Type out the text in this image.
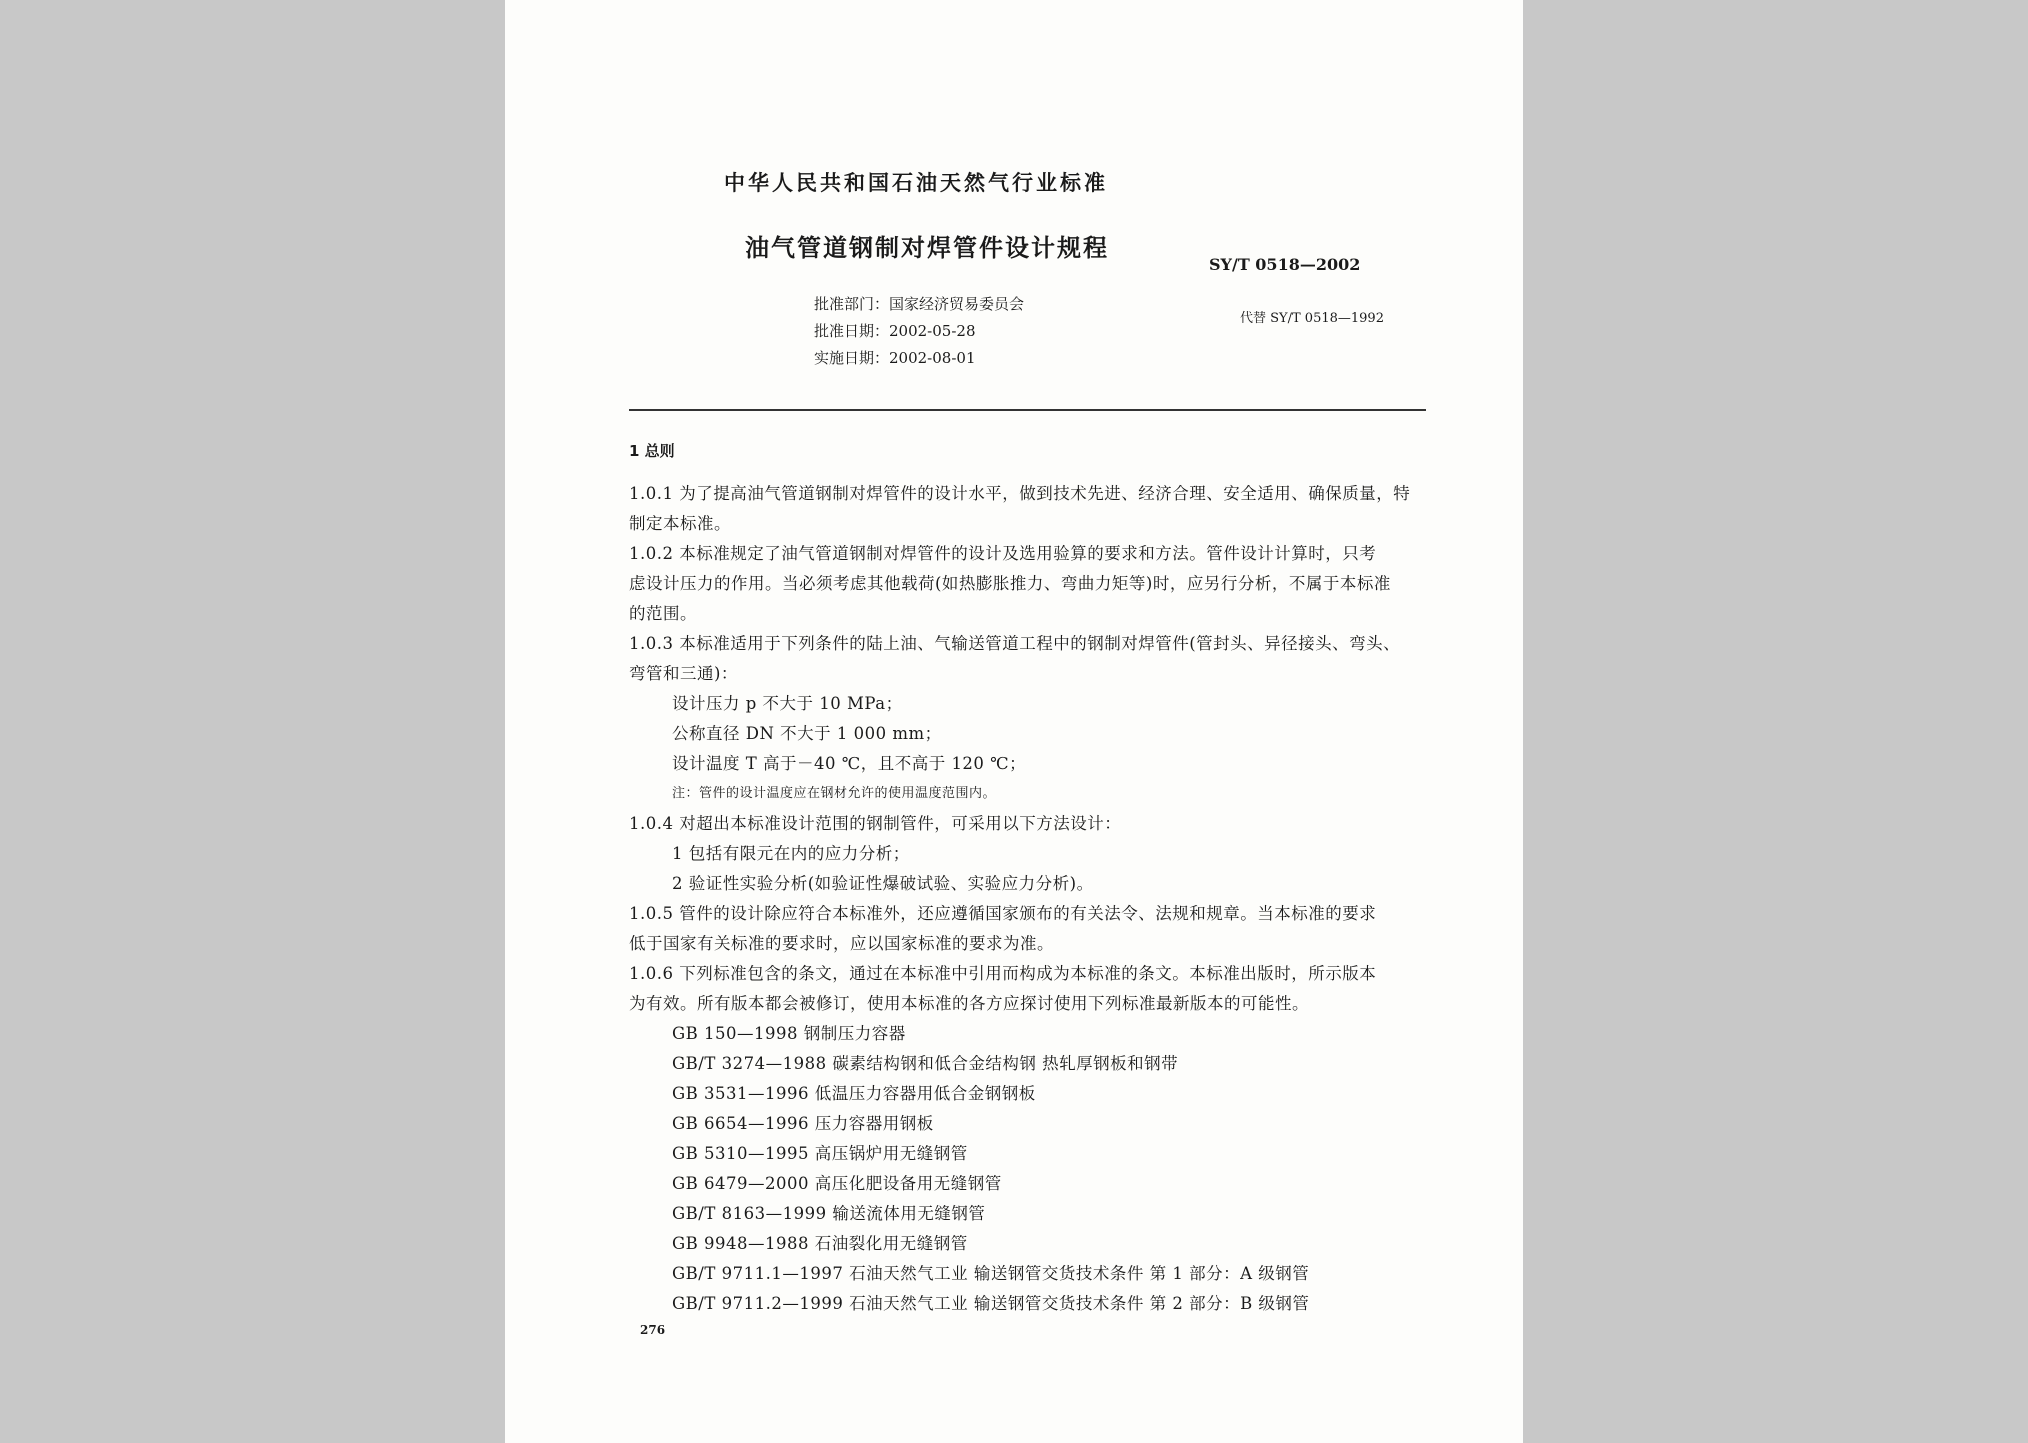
中华人民共和国石油天然气行业标准
油气管道钢制对焊管件设计规程
SY/T 0518—2002
批准部门：国家经济贸易委员会
代替 SY/T 0518—1992
批准日期：2002-05-28
实施日期：2002-08-01
1 总则
1.0.1 为了提高油气管道钢制对焊管件的设计水平，做到技术先进、经济合理、安全适用、确保质量，特
制定本标准。
1.0.2 本标准规定了油气管道钢制对焊管件的设计及选用验算的要求和方法。管件设计计算时，只考
虑设计压力的作用。当必须考虑其他载荷(如热膨胀推力、弯曲力矩等)时，应另行分析，不属于本标准
的范围。
1.0.3 本标准适用于下列条件的陆上油、气输送管道工程中的钢制对焊管件(管封头、异径接头、弯头、
弯管和三通)：
设计压力 p 不大于 10 MPa；
公称直径 DN 不大于 1 000 mm；
设计温度 T 高于－40 ℃，且不高于 120 ℃；
注：管件的设计温度应在钢材允许的使用温度范围内。
1.0.4 对超出本标准设计范围的钢制管件，可采用以下方法设计：
1 包括有限元在内的应力分析；
2 验证性实验分析(如验证性爆破试验、实验应力分析)。
1.0.5 管件的设计除应符合本标准外，还应遵循国家颁布的有关法令、法规和规章。当本标准的要求
低于国家有关标准的要求时，应以国家标准的要求为准。
1.0.6 下列标准包含的条文，通过在本标准中引用而构成为本标准的条文。本标准出版时，所示版本
为有效。所有版本都会被修订，使用本标准的各方应探讨使用下列标准最新版本的可能性。
GB 150—1998 钢制压力容器
GB/T 3274—1988 碳素结构钢和低合金结构钢 热轧厚钢板和钢带
GB 3531—1996 低温压力容器用低合金钢钢板
GB 6654—1996 压力容器用钢板
GB 5310—1995 高压锅炉用无缝钢管
GB 6479—2000 高压化肥设备用无缝钢管
GB/T 8163—1999 输送流体用无缝钢管
GB 9948—1988 石油裂化用无缝钢管
GB/T 9711.1—1997 石油天然气工业 输送钢管交货技术条件 第 1 部分：A 级钢管
GB/T 9711.2—1999 石油天然气工业 输送钢管交货技术条件 第 2 部分：B 级钢管
276
